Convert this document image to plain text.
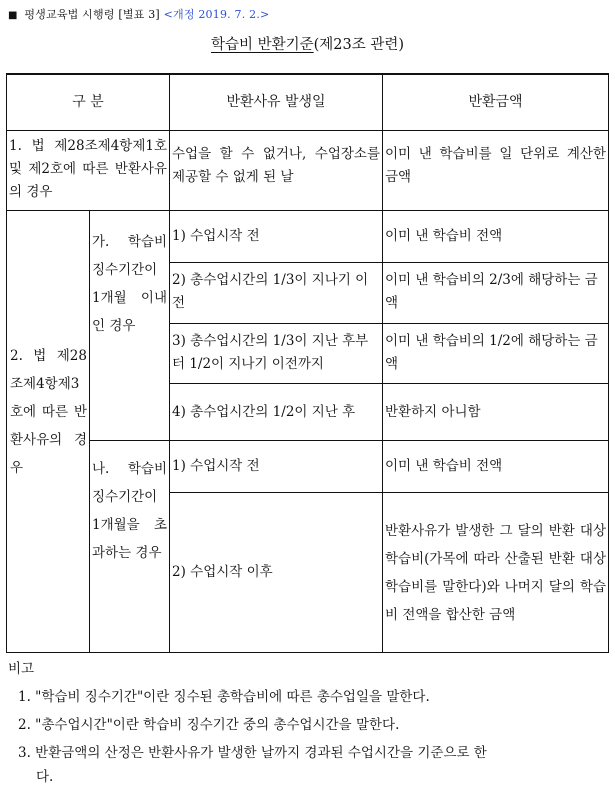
■ 평생교육법 시행령 [별표 3] <개정 2019. 7. 2.>
학습비 반환기준(제23조 관련)
구 분		반환사유 발생일	반환금액
1. 법 제28조제4항제1호 및 제2호에 따른 반환사유의 경우		수업을 할 수 없거나, 수업장소를 제공할 수 없게 된 날	이미 낸 학습비를 일 단위로 계산한 금액
2. 법 제28조제4항제3호에 따른 반환사유의 경우	가. 학습비 징수기간이 1개월 이내인 경우	1) 수업시작 전	이미 낸 학습비 전액
		2) 총수업시간의 1/3이 지나기 이전	이미 낸 학습비의 2/3에 해당하는 금액
		3) 총수업시간의 1/3이 지난 후부터 1/2이 지나기 이전까지	이미 낸 학습비의 1/2에 해당하는 금액
		4) 총수업시간의 1/2이 지난 후	반환하지 아니함
	나. 학습비 징수기간이 1개월을 초과하는 경우	1) 수업시작 전	이미 낸 학습비 전액
		2) 수업시작 이후	반환사유가 발생한 그 달의 반환 대상 학습비(가목에 따라 산출된 반환 대상 학습비를 말한다)와 나머지 달의 학습비 전액을 합산한 금액
비고
1. "학습비 징수기간"이란 징수된 총학습비에 따른 총수업일을 말한다.
2. "총수업시간"이란 학습비 징수기간 중의 총수업시간을 말한다.
3. 반환금액의 산정은 반환사유가 발생한 날까지 경과된 수업시간을 기준으로 한
다.
